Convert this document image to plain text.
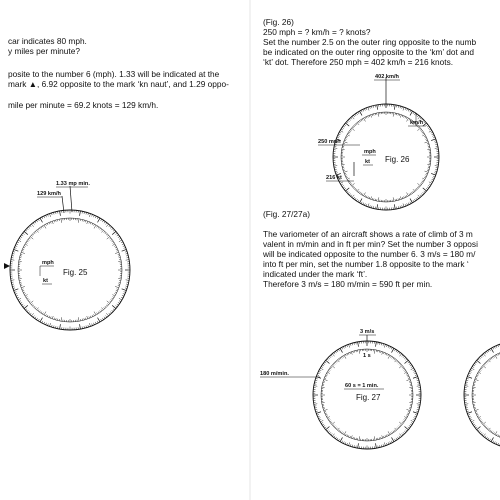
car indicates 80 mph.
y miles per minute?
posite to the number 6 (mph). 1.33 will be indicated at the
mark ▲, 6.92 opposite to the mark ‘kn naut’, and 1.29 oppo-
mile per minute = 69.2 knots = 129 km/h.
1.33 mp min.
129 km/h
mph
kt
Fig. 25
(Fig. 26)
250 mph = ? km/h = ? knots?
Set the number 2.5 on the outer ring opposite to the numb
be indicated on the outer ring opposite to the ‘km’ dot and
‘kt’ dot. Therefore 250 mph = 402 km/h = 216 knots.
(Fig. 27/27a)
The variometer of an aircraft shows a rate of climb of 3 m
valent in m/min and in ft per min? Set the number 3 opposi
will be indicated opposite to the number 6. 3 m/s = 180 m/
into ft per min, set the number 1.8 opposite to the mark ‘
indicated under the mark ‘ft’.
Therefore 3 m/s = 180 m/min = 590 ft per min.
402 km/h
km/h
250 mph
mph
kt
216 kt
Fig. 26
3 m/s
1 s
180 m/min.
60 s = 1 min.
Fig. 27
